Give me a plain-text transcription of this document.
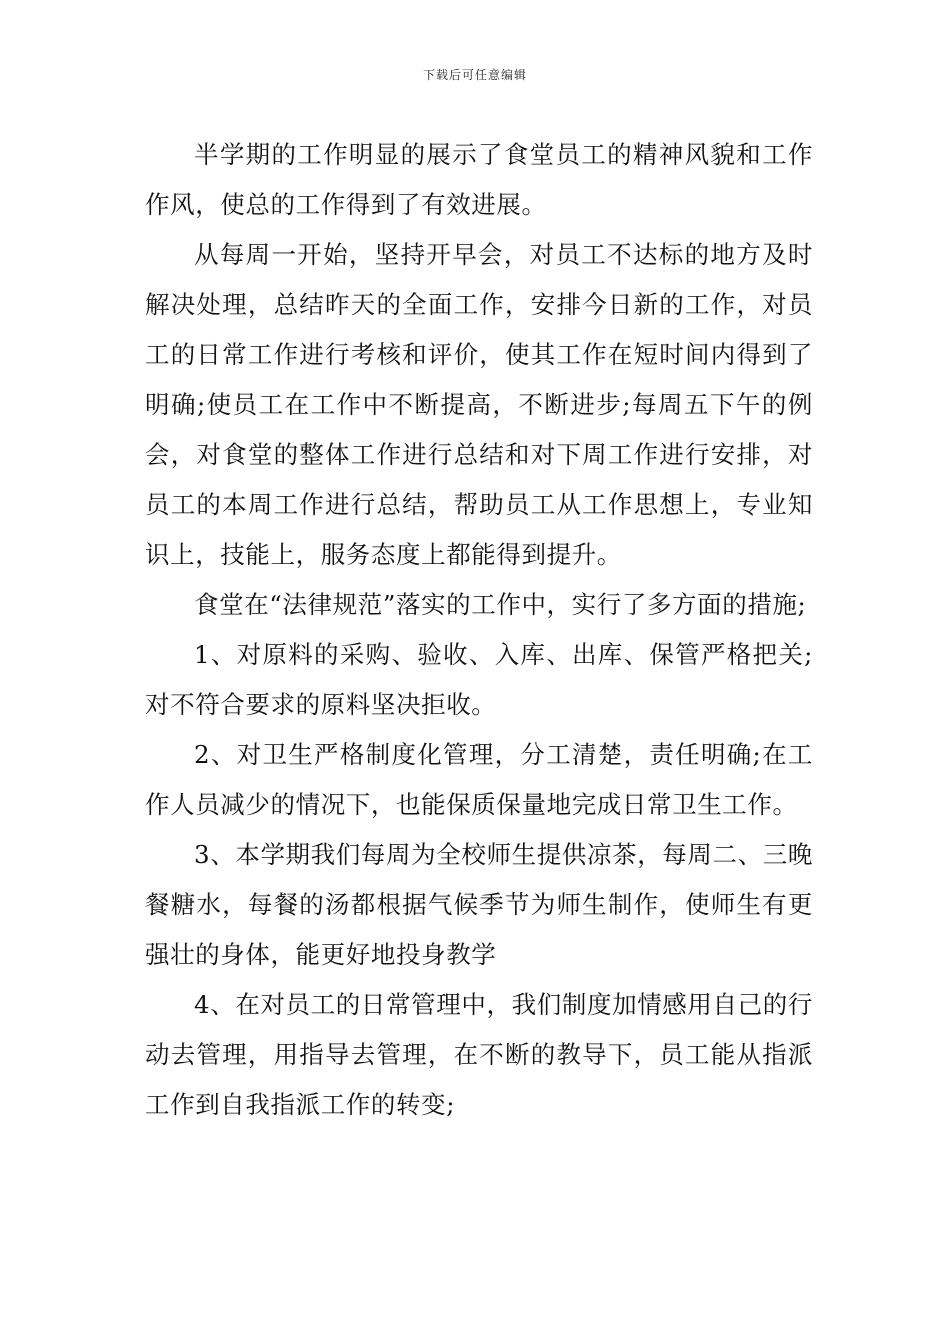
下载后可任意编辑

半学期的工作明显的展示了食堂员工的精神风貌和工作作风，使总的工作得到了有效进展。

从每周一开始，坚持开早会，对员工不达标的地方及时解决处理，总结昨天的全面工作，安排今日新的工作，对员工的日常工作进行考核和评价，使其工作在短时间内得到了明确;使员工在工作中不断提高，不断进步;每周五下午的例会，对食堂的整体工作进行总结和对下周工作进行安排，对员工的本周工作进行总结，帮助员工从工作思想上，专业知识上，技能上，服务态度上都能得到提升。

食堂在“法律规范”落实的工作中，实行了多方面的措施;

1、对原料的采购、验收、入库、出库、保管严格把关;对不符合要求的原料坚决拒收。

2、对卫生严格制度化管理，分工清楚，责任明确;在工作人员减少的情况下，也能保质保量地完成日常卫生工作。

3、本学期我们每周为全校师生提供凉茶，每周二、三晚餐糖水，每餐的汤都根据气候季节为师生制作，使师生有更强壮的身体，能更好地投身教学

4、在对员工的日常管理中，我们制度加情感用自己的行动去管理，用指导去管理，在不断的教导下，员工能从指派工作到自我指派工作的转变;
